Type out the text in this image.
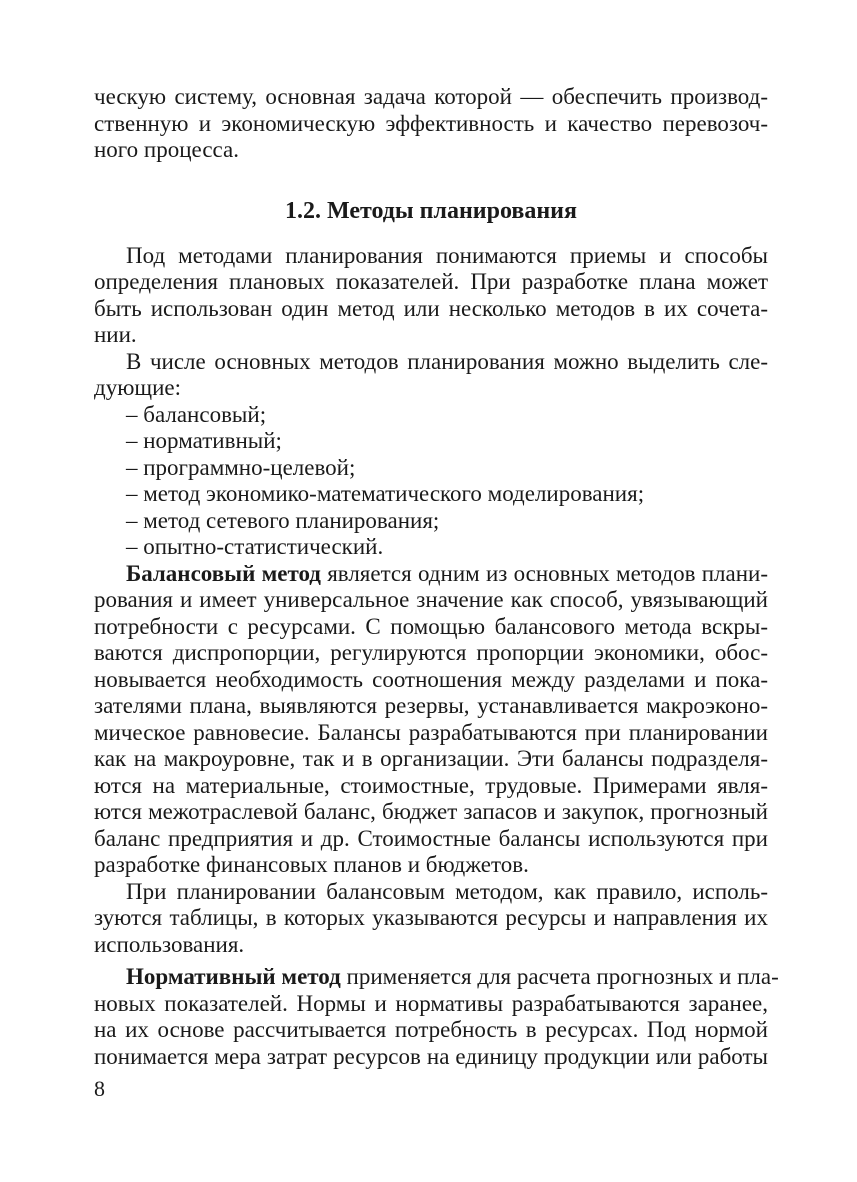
ческую систему, основная задача которой — обеспечить производ-
ственную и экономическую эффективность и качество перевозоч-
ного процесса.
1.2. Методы планирования
Под методами планирования понимаются приемы и способы
определения плановых показателей. При разработке плана может
быть использован один метод или несколько методов в их сочета-
нии.
В числе основных методов планирования можно выделить сле-
дующие:
– балансовый;
– нормативный;
– программно-целевой;
– метод экономико-математического моделирования;
– метод сетевого планирования;
– опытно-статистический.
Балансовый метод является одним из основных методов плани-
рования и имеет универсальное значение как способ, увязывающий
потребности с ресурсами. С помощью балансового метода вскры-
ваются диспропорции, регулируются пропорции экономики, обос-
новывается необходимость соотношения между разделами и пока-
зателями плана, выявляются резервы, устанавливается макроэконо-
мическое равновесие. Балансы разрабатываются при планировании
как на макроуровне, так и в организации. Эти балансы подразделя-
ются на материальные, стоимостные, трудовые. Примерами явля-
ются межотраслевой баланс, бюджет запасов и закупок, прогнозный
баланс предприятия и др. Стоимостные балансы используются при
разработке финансовых планов и бюджетов.
При планировании балансовым методом, как правило, исполь-
зуются таблицы, в которых указываются ресурсы и направления их
использования.
Нормативный метод применяется для расчета прогнозных и пла-
новых показателей. Нормы и нормативы разрабатываются заранее,
на их основе рассчитывается потребность в ресурсах. Под нормой
понимается мера затрат ресурсов на единицу продукции или работы
8
